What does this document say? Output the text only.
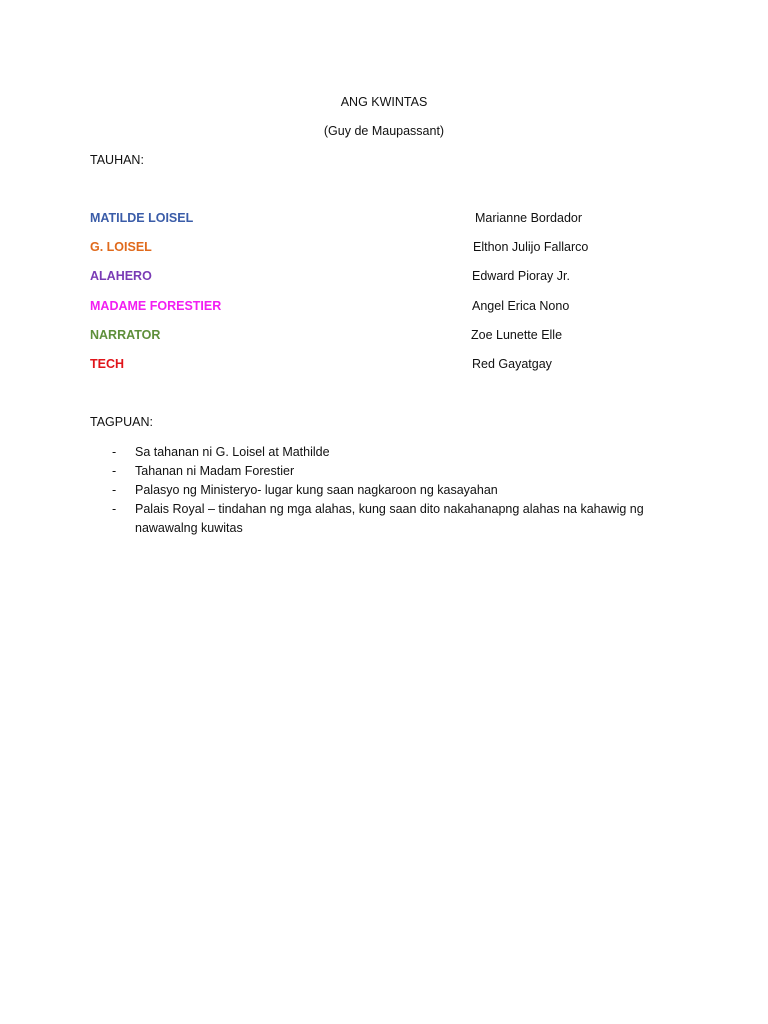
ANG KWINTAS
(Guy de Maupassant)
TAUHAN:
MATILDE LOISEL	Marianne Bordador
G. LOISEL	Elthon Julijo Fallarco
ALAHERO	Edward Pioray Jr.
MADAME FORESTIER	Angel Erica Nono
NARRATOR	Zoe Lunette Elle
TECH	Red Gayatgay
TAGPUAN:
- Sa tahanan ni G. Loisel at Mathilde
- Tahanan ni Madam Forestier
- Palasyo ng Ministeryo- lugar kung saan nagkaroon ng kasayahan
- Palais Royal – tindahan ng mga alahas, kung saan dito nakahanapng alahas na kahawig ng nawawalng kuwitas
